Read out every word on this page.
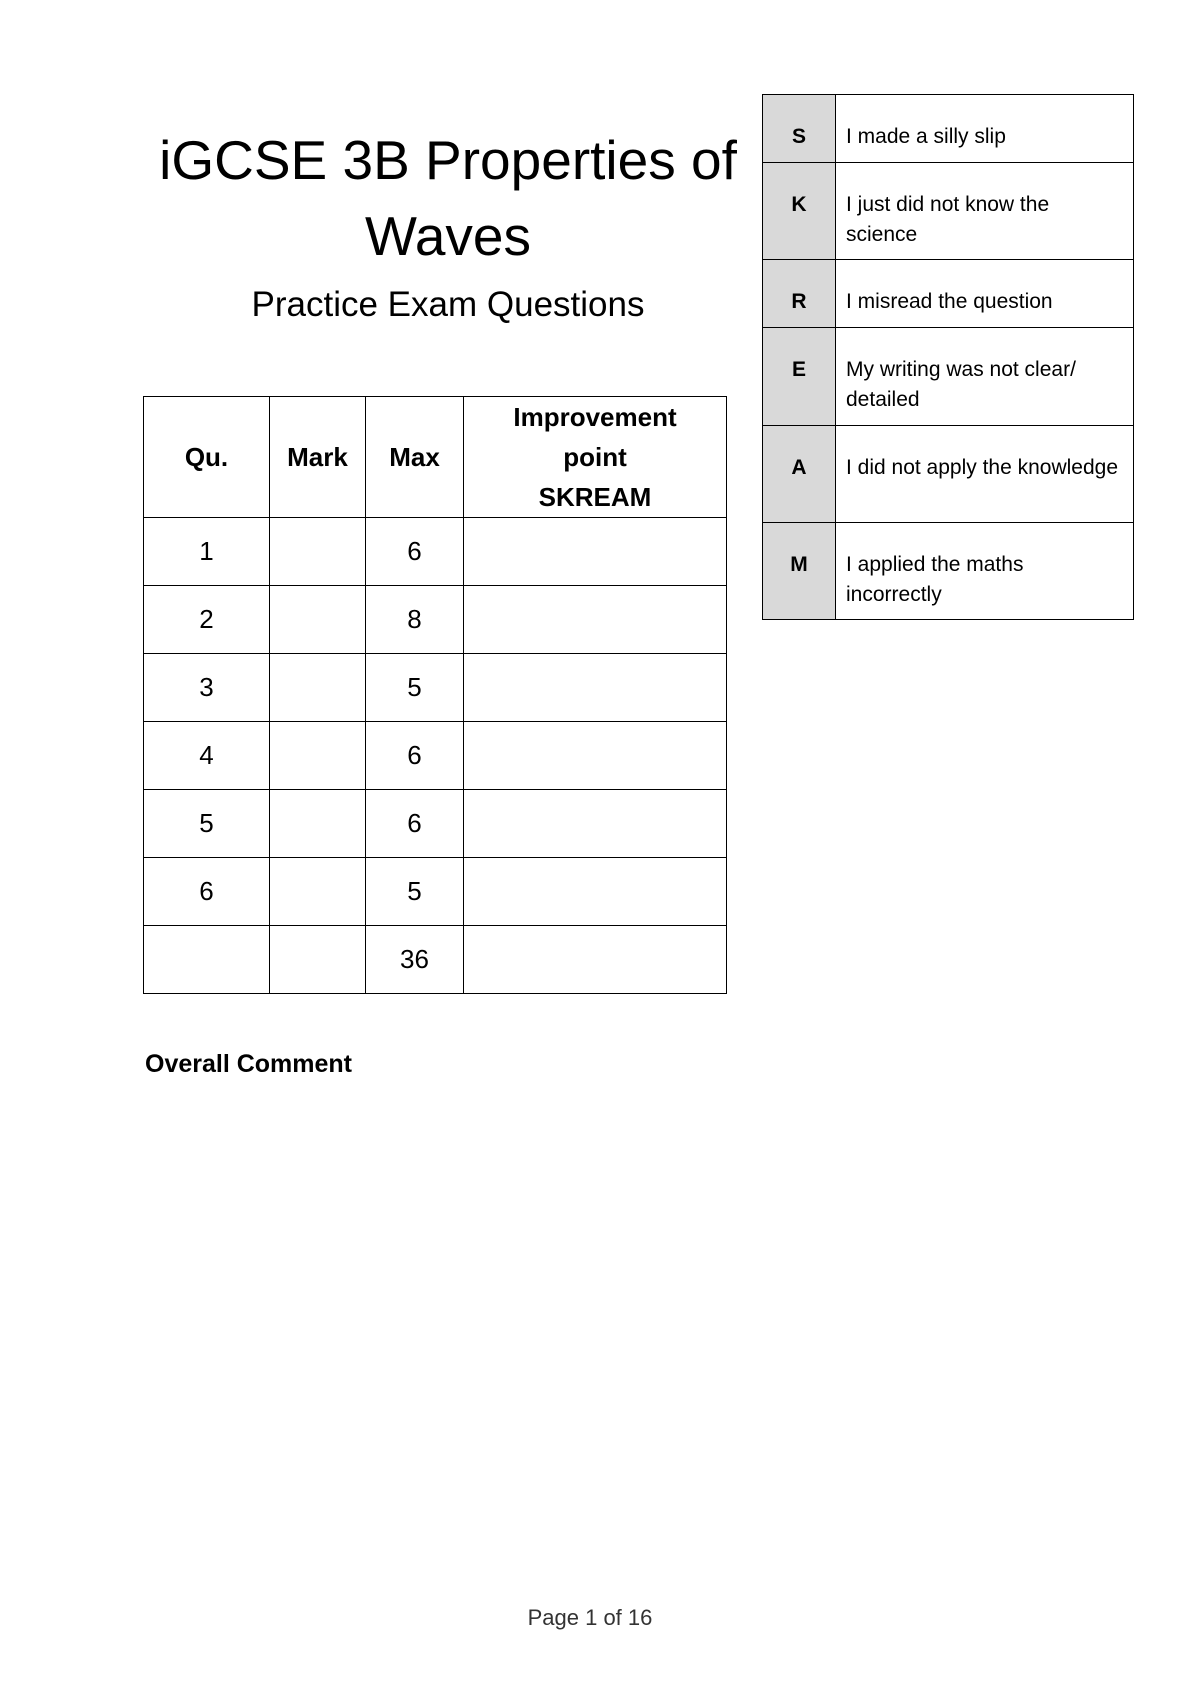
iGCSE 3B Properties of Waves

Practice Exam Questions

Qu.	Mark	Max	Improvement
point
SKREAM
1		6	
2		8	
3		5	
4		6	
5		6	
6		5	
		36	
S	I made a silly slip
K	I just did not know the science
R	I misread the question
E	My writing was not clear/ detailed
A	I did not apply the knowledge
M	I applied the maths incorrectly

Overall Comment

Page 1 of 16
